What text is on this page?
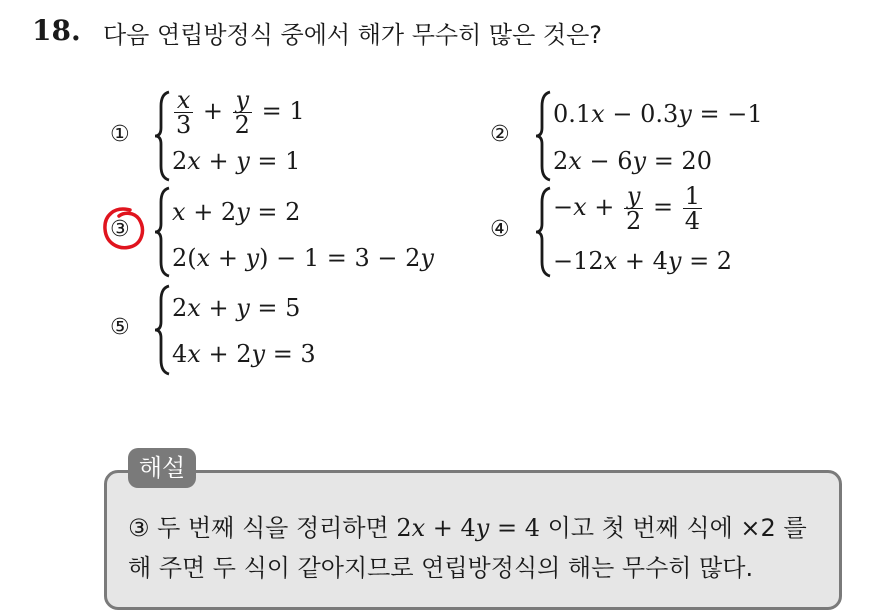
18. 다음 연립방정식 중에서 해가 무수히 많은 것은?
① $\frac{x}{3} + \frac{y}{2} = 1$
2x + y = 1
②
0.1x − 0.3y = −1
2x − 6y = 20
③
x + 2y = 2
2(x + y) − 1 = 3 − 2y
④
$-x + \frac{y}{2} = \frac{1}{4}$
−12x + 4y = 2
⑤
2x + y = 5
4x + 2y = 3
해설
③ 두 번째 식을 정리하면 2x + 4y = 4 이고 첫 번째 식에 ×2 를
해 주면 두 식이 같아지므로 연립방정식의 해는 무수히 많다.
